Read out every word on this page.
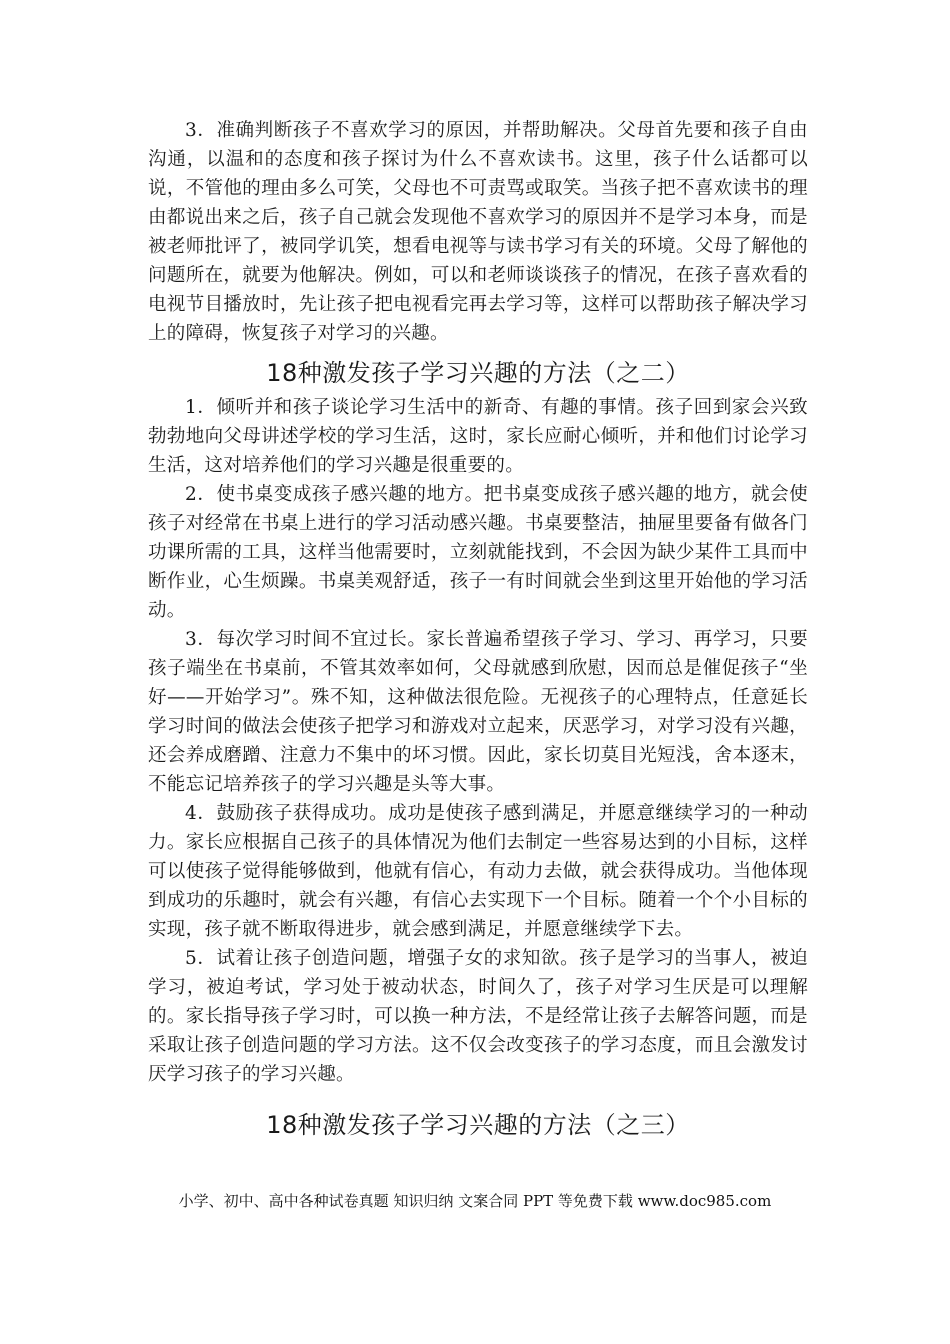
3．准确判断孩子不喜欢学习的原因，并帮助解决。父母首先要和孩子自由沟通，以温和的态度和孩子探讨为什么不喜欢读书。这里，孩子什么话都可以说，不管他的理由多么可笑，父母也不可责骂或取笑。当孩子把不喜欢读书的理由都说出来之后，孩子自己就会发现他不喜欢学习的原因并不是学习本身，而是被老师批评了，被同学讥笑，想看电视等与读书学习有关的环境。父母了解他的问题所在，就要为他解决。例如，可以和老师谈谈孩子的情况，在孩子喜欢看的电视节目播放时，先让孩子把电视看完再去学习等，这样可以帮助孩子解决学习上的障碍，恢复孩子对学习的兴趣。

18种激发孩子学习兴趣的方法（之二）

1．倾听并和孩子谈论学习生活中的新奇、有趣的事情。孩子回到家会兴致勃勃地向父母讲述学校的学习生活，这时，家长应耐心倾听，并和他们讨论学习生活，这对培养他们的学习兴趣是很重要的。

2．使书桌变成孩子感兴趣的地方。把书桌变成孩子感兴趣的地方，就会使孩子对经常在书桌上进行的学习活动感兴趣。书桌要整洁，抽屉里要备有做各门功课所需的工具，这样当他需要时，立刻就能找到，不会因为缺少某件工具而中断作业，心生烦躁。书桌美观舒适，孩子一有时间就会坐到这里开始他的学习活动。

3．每次学习时间不宜过长。家长普遍希望孩子学习、学习、再学习，只要孩子端坐在书桌前，不管其效率如何，父母就感到欣慰，因而总是催促孩子“坐好——开始学习”。殊不知，这种做法很危险。无视孩子的心理特点，任意延长学习时间的做法会使孩子把学习和游戏对立起来，厌恶学习，对学习没有兴趣，还会养成磨蹭、注意力不集中的坏习惯。因此，家长切莫目光短浅，舍本逐末，不能忘记培养孩子的学习兴趣是头等大事。

4．鼓励孩子获得成功。成功是使孩子感到满足，并愿意继续学习的一种动力。家长应根据自己孩子的具体情况为他们去制定一些容易达到的小目标，这样可以使孩子觉得能够做到，他就有信心，有动力去做，就会获得成功。当他体现到成功的乐趣时，就会有兴趣，有信心去实现下一个目标。随着一个个小目标的实现，孩子就不断取得进步，就会感到满足，并愿意继续学下去。

5．试着让孩子创造问题，增强子女的求知欲。孩子是学习的当事人，被迫学习，被迫考试，学习处于被动状态，时间久了，孩子对学习生厌是可以理解的。家长指导孩子学习时，可以换一种方法，不是经常让孩子去解答问题，而是采取让孩子创造问题的学习方法。这不仅会改变孩子的学习态度，而且会激发讨厌学习孩子的学习兴趣。

18种激发孩子学习兴趣的方法（之三）
小学、初中、高中各种试卷真题 知识归纳 文案合同 PPT 等免费下载 www.doc985.com
